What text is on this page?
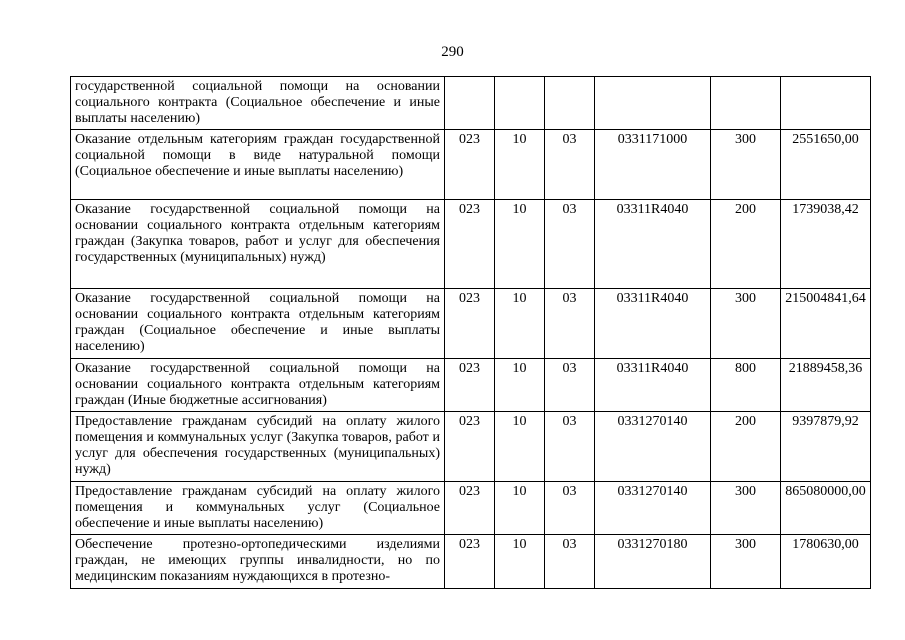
290
государственной социальной помощи на основании социального контракта (Социальное обеспечение и иные выплаты населению)						
Оказание отдельным категориям граждан государственной социальной помощи в виде натуральной помощи (Социальное обеспечение и иные выплаты населению)	023	10	03	0331171000	300	2551650,00
Оказание государственной социальной помощи на основании социального контракта отдельным категориям граждан (Закупка товаров, работ и услуг для обеспечения государственных (муниципальных) нужд)	023	10	03	03311R4040	200	1739038,42
Оказание государственной социальной помощи на основании социального контракта отдельным категориям граждан (Социальное обеспечение и иные выплаты населению)	023	10	03	03311R4040	300	215004841,64
Оказание государственной социальной помощи на основании социального контракта отдельным категориям граждан (Иные бюджетные ассигнования)	023	10	03	03311R4040	800	21889458,36
Предоставление гражданам субсидий на оплату жилого помещения и коммунальных услуг (Закупка товаров, работ и услуг для обеспечения государственных (муниципальных) нужд)	023	10	03	0331270140	200	9397879,92
Предоставление гражданам субсидий на оплату жилого помещения и коммунальных услуг (Социальное обеспечение и иные выплаты населению)	023	10	03	0331270140	300	865080000,00
Обеспечение протезно-ортопедическими изделиями граждан, не имеющих группы инвалидности, но по медицинским показаниям нуждающихся в протезно-	023	10	03	0331270180	300	1780630,00
